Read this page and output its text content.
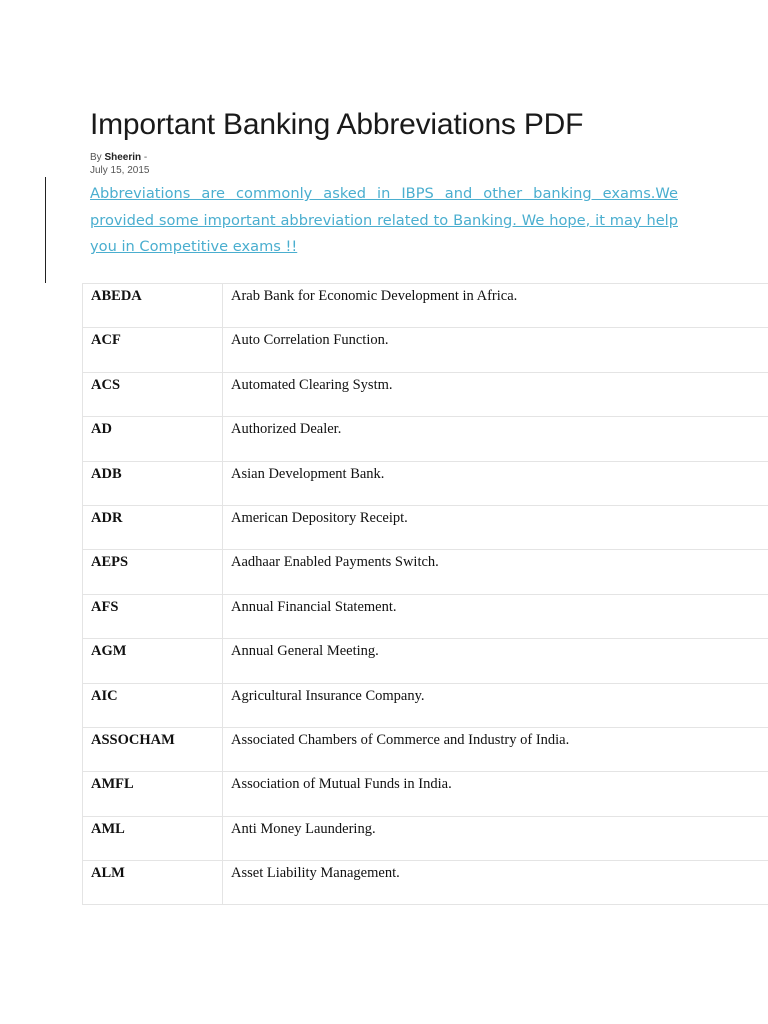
Important Banking Abbreviations PDF
By Sheerin -
July 15, 2015

Abbreviations are commonly asked in IBPS and other banking exams.We provided some important abbreviation related to Banking. We hope, it may help you in Competitive exams !!

ABEDA	Arab Bank for Economic Development in Africa.
ACF	Auto Correlation Function.
ACS	Automated Clearing Systm.
AD	Authorized Dealer.
ADB	Asian Development Bank.
ADR	American Depository Receipt.
AEPS	Aadhaar Enabled Payments Switch.
AFS	Annual Financial Statement.
AGM	Annual General Meeting.
AIC	Agricultural Insurance Company.
ASSOCHAM	Associated Chambers of Commerce and Industry of India.
AMFL	Association of Mutual Funds in India.
AML	Anti Money Laundering.
ALM	Asset Liability Management.
